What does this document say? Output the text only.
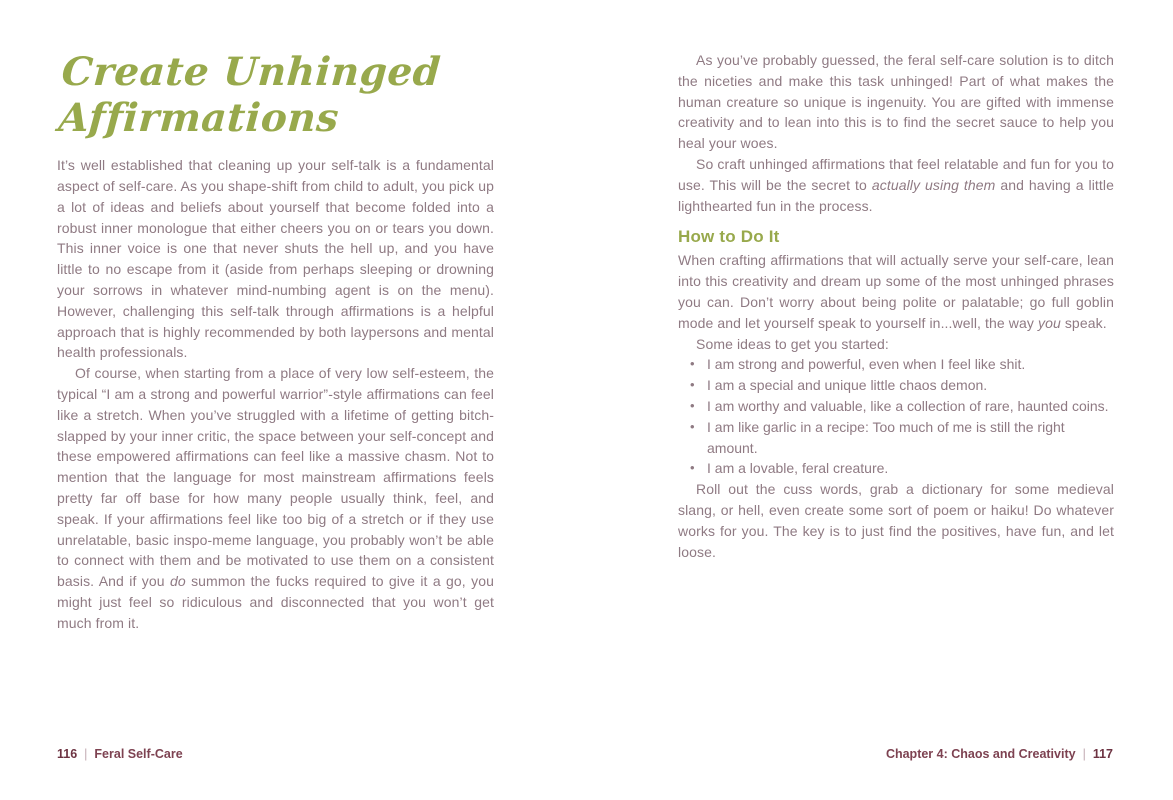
Create Unhinged
Affirmations

It’s well established that cleaning up your self-talk is a fundamental aspect of self-care. As you shape-shift from child to adult, you pick up a lot of ideas and beliefs about yourself that become folded into a robust inner monologue that either cheers you on or tears you down. This inner voice is one that never shuts the hell up, and you have little to no escape from it (aside from perhaps sleeping or drowning your sorrows in whatever mind-numbing agent is on the menu). However, challenging this self-talk through affirmations is a helpful approach that is highly recommended by both laypersons and mental health professionals.

Of course, when starting from a place of very low self-esteem, the typical “I am a strong and powerful warrior”-style affirmations can feel like a stretch. When you’ve struggled with a lifetime of getting bitch-slapped by your inner critic, the space between your self-concept and these empowered affirmations can feel like a massive chasm. Not to mention that the language for most mainstream affirmations feels pretty far off base for how many people usually think, feel, and speak. If your affirmations feel like too big of a stretch or if they use unrelatable, basic inspo-meme language, you probably won’t be able to connect with them and be motivated to use them on a consistent basis. And if you do summon the fucks required to give it a go, you might just feel so ridiculous and disconnected that you won’t get much from it.

As you’ve probably guessed, the feral self-care solution is to ditch the niceties and make this task unhinged! Part of what makes the human creature so unique is ingenuity. You are gifted with immense creativity and to lean into this is to find the secret sauce to help you heal your woes.

So craft unhinged affirmations that feel relatable and fun for you to use. This will be the secret to actually using them and having a little lighthearted fun in the process.

How to Do It

When crafting affirmations that will actually serve your self-care, lean into this creativity and dream up some of the most unhinged phrases you can. Don’t worry about being polite or palatable; go full goblin mode and let yourself speak to yourself in...well, the way you speak.

Some ideas to get you started:

• I am strong and powerful, even when I feel like shit.
• I am a special and unique little chaos demon.
• I am worthy and valuable, like a collection of rare, haunted coins.
• I am like garlic in a recipe: Too much of me is still the right amount.
• I am a lovable, feral creature.

Roll out the cuss words, grab a dictionary for some medieval slang, or hell, even create some sort of poem or haiku! Do whatever works for you. The key is to just find the positives, have fun, and let loose.

116 | Feral Self-Care	Chapter 4: Chaos and Creativity | 117
